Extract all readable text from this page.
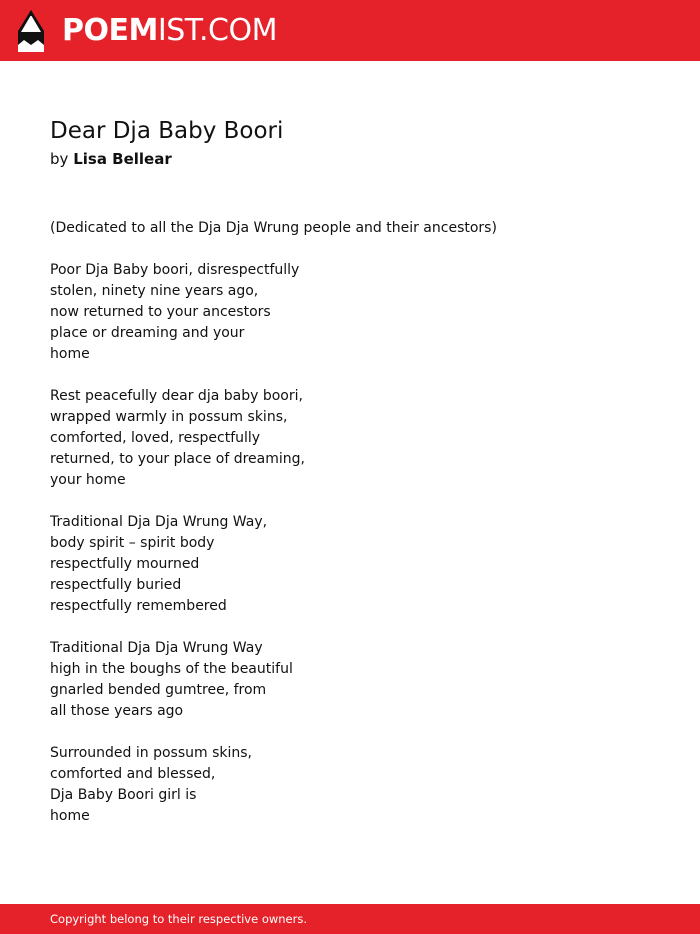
POEMIST.COM
Dear Dja Baby Boori
by Lisa Bellear
(Dedicated to all the Dja Dja Wrung people and their ancestors)
Poor Dja Baby boori, disrespectfully
stolen, ninety nine years ago,
now returned to your ancestors
place or dreaming and your
home
Rest peacefully dear dja baby boori,
wrapped warmly in possum skins,
comforted, loved, respectfully
returned, to your place of dreaming,
your home
Traditional Dja Dja Wrung Way,
body spirit – spirit body
respectfully mourned
respectfully buried
respectfully remembered
Traditional Dja Dja Wrung Way
high in the boughs of the beautiful
gnarled bended gumtree, from
all those years ago
Surrounded in possum skins,
comforted and blessed,
Dja Baby Boori girl is
home
Copyright belong to their respective owners.
